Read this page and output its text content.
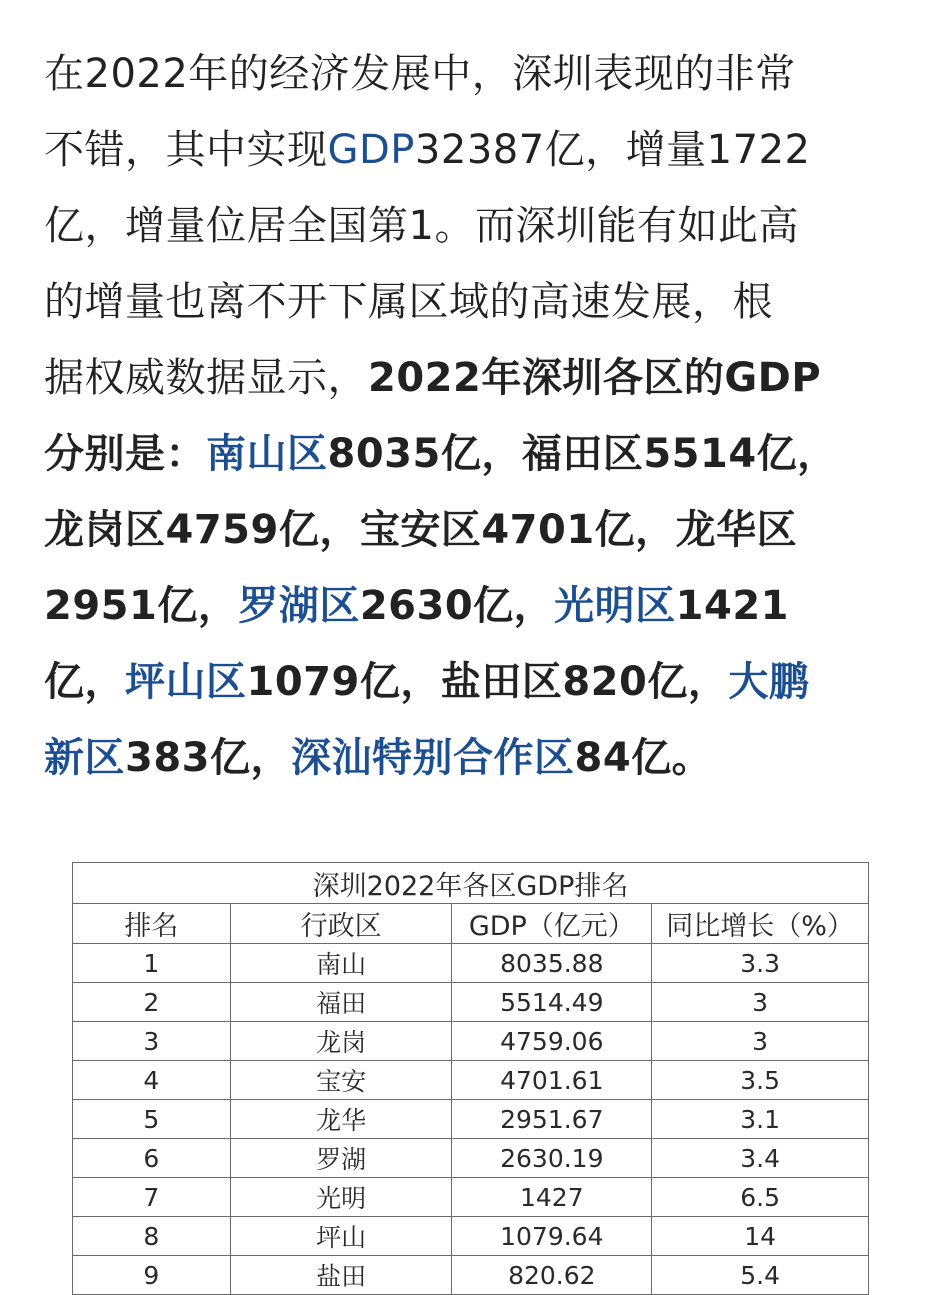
在2022年的经济发展中，深圳表现的非常
不错，其中实现GDP32387亿，增量1722
亿，增量位居全国第1。而深圳能有如此高
的增量也离不开下属区域的高速发展，根
据权威数据显示，2022年深圳各区的GDP
分别是：南山区8035亿，福田区5514亿，
龙岗区4759亿，宝安区4701亿，龙华区
2951亿，罗湖区2630亿，光明区1421
亿，坪山区1079亿，盐田区820亿，大鹏
新区383亿，深汕特别合作区84亿。
深圳2022年各区GDP排名			
排名	行政区	GDP（亿元）	同比增长（%）
1	南山	8035.88	3.3
2	福田	5514.49	3
3	龙岗	4759.06	3
4	宝安	4701.61	3.5
5	龙华	2951.67	3.1
6	罗湖	2630.19	3.4
7	光明	1427	6.5
8	坪山	1079.64	14
9	盐田	820.62	5.4
